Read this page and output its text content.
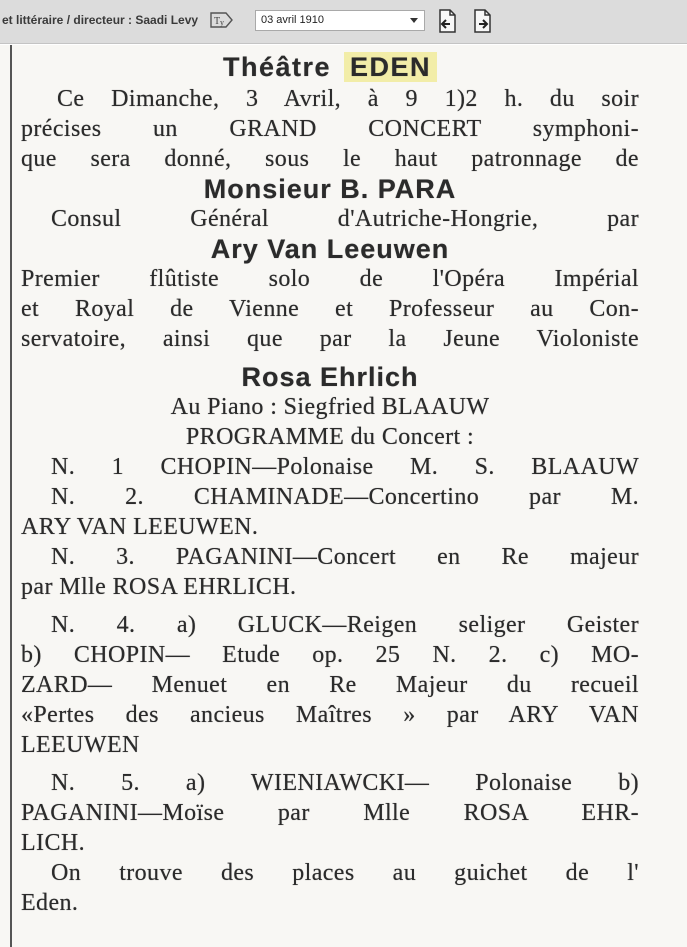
et littéraire / directeur : Saadi Levy T y	03 avril 1910
Théâtre EDEN
Ce Dimanche, 3 Avril, à 9 1)2 h. du soir
précises un GRAND CONCERT symphoni-
que sera donné, sous le haut patronnage de
Monsieur B. PARA
Consul Général d'Autriche-Hongrie, par
Ary Van Leeuwen
Premier flûtiste solo de l'Opéra Impérial
et Royal de Vienne et Professeur au Con-
servatoire, ainsi que par la Jeune Violoniste
Rosa Ehrlich
Au Piano : Siegfried BLAAUW
PROGRAMME du Concert :
N. 1 CHOPIN—Polonaise M. S. BLAAUW
N. 2. CHAMINADE—Concertino par M.
ARY VAN LEEUWEN.
N. 3. PAGANINI—Concert en Re majeur
par Mlle ROSA EHRLICH.
N. 4. a) GLUCK—Reigen seliger Geister
b) CHOPIN— Etude op. 25 N. 2. c) MO-
ZARD— Menuet en Re Majeur du recueil
«Pertes des ancieus Maîtres » par ARY VAN
LEEUWEN
N. 5. a) WIENIAWCKI— Polonaise b)
PAGANINI—Moïse par Mlle ROSA EHR-
LICH.
On trouve des places au guichet de l'
Eden.
